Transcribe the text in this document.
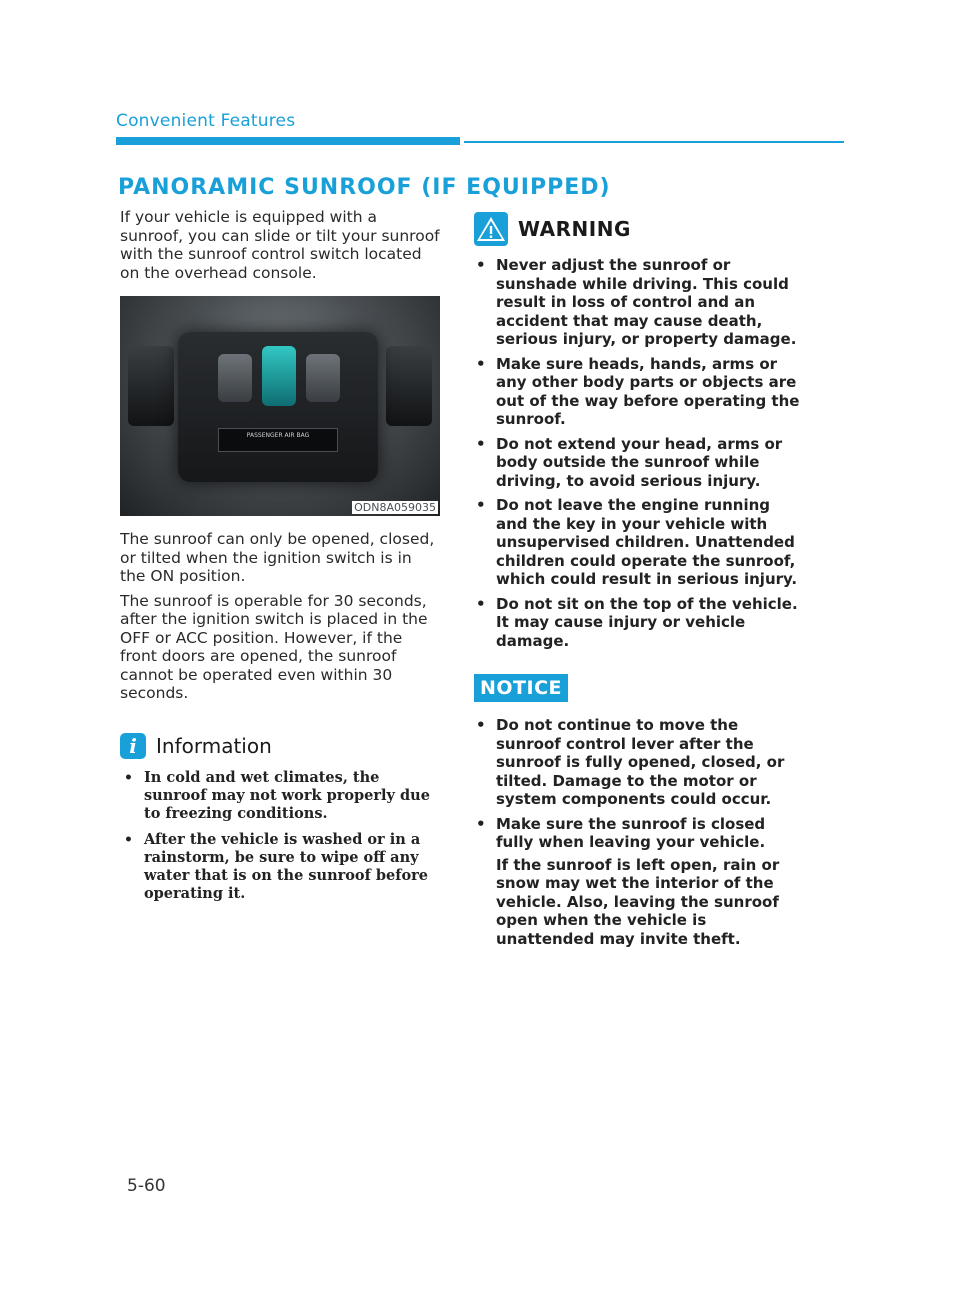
Convenient Features
PANORAMIC SUNROOF (IF EQUIPPED)

If your vehicle is equipped with a sunroof, you can slide or tilt your sunroof with the sunroof control switch located on the overhead console.

PASSENGER AIR BAG
ODN8A059035

The sunroof can only be opened, closed, or tilted when the ignition switch is in the ON position.

The sunroof is operable for 30 seconds, after the ignition switch is placed in the OFF or ACC position. However, if the front doors are opened, the sunroof cannot be operated even within 30 seconds.

i Information
• In cold and wet climates, the sunroof may not work properly due to freezing conditions.
• After the vehicle is washed or in a rainstorm, be sure to wipe off any water that is on the sunroof before operating it.
WARNING
• Never adjust the sunroof or sunshade while driving. This could result in loss of control and an accident that may cause death, serious injury, or property damage.
• Make sure heads, hands, arms or any other body parts or objects are out of the way before operating the sunroof.
• Do not extend your head, arms or body outside the sunroof while driving, to avoid serious injury.
• Do not leave the engine running and the key in your vehicle with unsupervised children. Unattended children could operate the sunroof, which could result in serious injury.
• Do not sit on the top of the vehicle. It may cause injury or vehicle damage.
NOTICE
• Do not continue to move the sunroof control lever after the sunroof is fully opened, closed, or tilted. Damage to the motor or system components could occur.
• Make sure the sunroof is closed fully when leaving your vehicle.
If the sunroof is left open, rain or snow may wet the interior of the vehicle. Also, leaving the sunroof open when the vehicle is unattended may invite theft.
5-60
